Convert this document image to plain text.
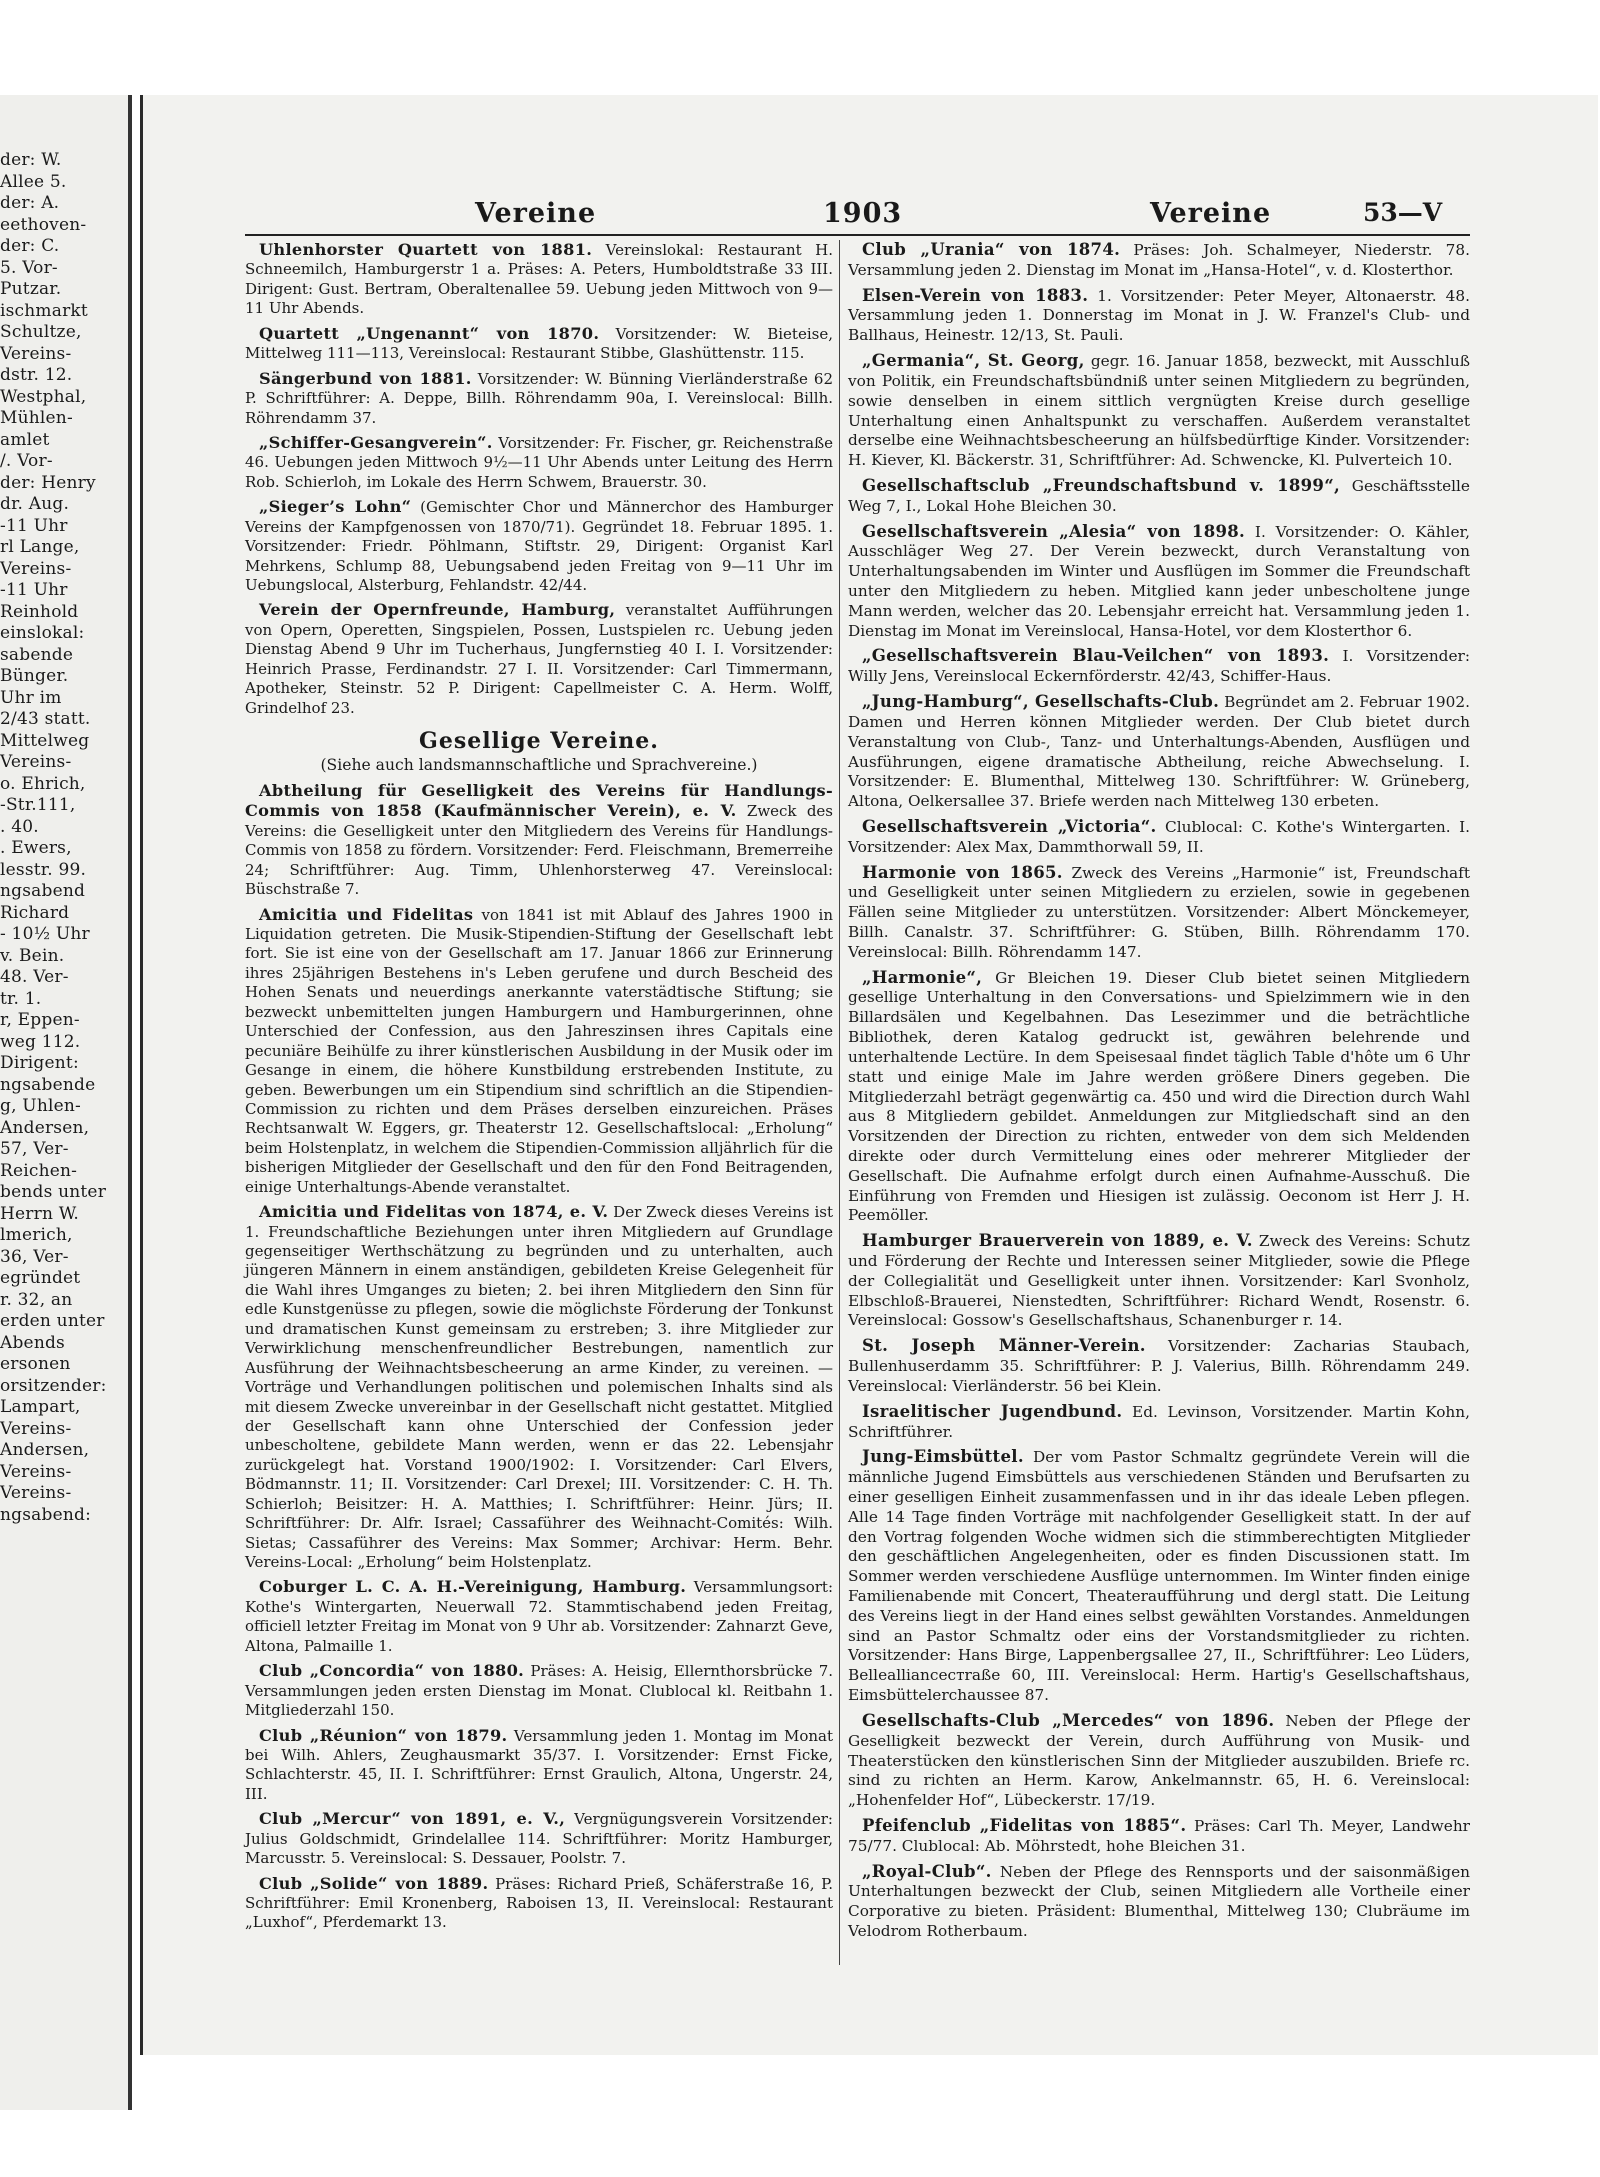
der: W.
Allee 5.
der: A.
eethoven-
der: C.
5. Vor-
Putzar.
ischmarkt
Schultze,
Vereins-
dstr. 12.
Westphal,
Mühlen-
amlet
/. Vor-
der: Henry
dr. Aug.
-11 Uhr
rl Lange,
Vereins-
-11 Uhr
Reinhold
einslokal:
sabende
Bünger.
Uhr im
2/43 statt.
Mittelweg
Vereins-
o. Ehrich,
-Str.111,
. 40.
. Ewers,
lesstr. 99.
ngsabend
Richard
- 10½ Uhr
v. Bein.
48. Ver-
tr. 1.
r, Eppen-
weg 112.
Dirigent:
ngsabende
g, Uhlen-
Andersen,
57, Ver-
Reichen-
bends unter
Herrn W.
lmerich,
36, Ver-
egründet
r. 32, an
erden unter
Abends
ersonen
orsitzender:
Lampart,
Vereins-
Andersen,
Vereins-
Vereins-
ngsabend:
Vereine	1903	Vereine	53—V

Uhlenhorster Quartett von 1881. Vereinslokal: Restaurant H. Schneemilch, Hamburgerstr 1 a. Präses: A. Peters, Humboldtstraße 33 III. Dirigent: Gust. Bertram, Oberaltenallee 59. Uebung jeden Mittwoch von 9—11 Uhr Abends.

Quartett „Ungenannt“ von 1870. Vorsitzender: W. Bieteise, Mittelweg 111—113, Vereinslocal: Restaurant Stibbe, Glashüttenstr. 115.

Sängerbund von 1881. Vorsitzender: W. Bünning Vierländerstraße 62 P. Schriftführer: A. Deppe, Billh. Röhrendamm 90a, I. Vereinslocal: Billh. Röhrendamm 37.

„Schiffer-Gesangverein“. Vorsitzender: Fr. Fischer, gr. Reichenstraße 46. Uebungen jeden Mittwoch 9½—11 Uhr Abends unter Leitung des Herrn Rob. Schierloh, im Lokale des Herrn Schwem, Brauerstr. 30.

„Sieger’s Lohn“ (Gemischter Chor und Männerchor des Hamburger Vereins der Kampfgenossen von 1870/71). Gegründet 18. Februar 1895. 1. Vorsitzender: Friedr. Pöhlmann, Stiftstr. 29, Dirigent: Organist Karl Mehrkens, Schlump 88, Uebungsabend jeden Freitag von 9—11 Uhr im Uebungslocal, Alsterburg, Fehlandstr. 42/44.

Verein der Opernfreunde, Hamburg, veranstaltet Aufführungen von Opern, Operetten, Singspielen, Possen, Lustspielen rc. Uebung jeden Dienstag Abend 9 Uhr im Tucherhaus, Jungfernstieg 40 I. I. Vorsitzender: Heinrich Prasse, Ferdinandstr. 27 I. II. Vorsitzender: Carl Timmermann, Apotheker, Steinstr. 52 P. Dirigent: Capellmeister C. A. Herm. Wolff, Grindelhof 23.

Gesellige Vereine.
(Siehe auch landsmannschaftliche und Sprachvereine.)

Abtheilung für Geselligkeit des Vereins für Handlungs-Commis von 1858 (Kaufmännischer Verein), e. V. Zweck des Vereins: die Geselligkeit unter den Mitgliedern des Vereins für Handlungs-Commis von 1858 zu fördern. Vorsitzender: Ferd. Fleischmann, Bremerreihe 24; Schriftführer: Aug. Timm, Uhlenhorsterweg 47. Vereinslocal: Büschstraße 7.

Amicitia und Fidelitas von 1841 ist mit Ablauf des Jahres 1900 in Liquidation getreten. Die Musik-Stipendien-Stiftung der Gesellschaft lebt fort. Sie ist eine von der Gesellschaft am 17. Januar 1866 zur Erinnerung ihres 25jährigen Bestehens in's Leben gerufene und durch Bescheid des Hohen Senats und neuerdings anerkannte vaterstädtische Stiftung; sie bezweckt unbemittelten jungen Hamburgern und Hamburgerinnen, ohne Unterschied der Confession, aus den Jahreszinsen ihres Capitals eine pecuniäre Beihülfe zu ihrer künstlerischen Ausbildung in der Musik oder im Gesange in einem, die höhere Kunstbildung erstrebenden Institute, zu geben. Bewerbungen um ein Stipendium sind schriftlich an die Stipendien-Commission zu richten und dem Präses derselben einzureichen. Präses Rechtsanwalt W. Eggers, gr. Theaterstr 12. Gesellschaftslocal: „Erholung“ beim Holstenplatz, in welchem die Stipendien-Commission alljährlich für die bisherigen Mitglieder der Gesellschaft und den für den Fond Beitragenden, einige Unterhaltungs-Abende veranstaltet.

Amicitia und Fidelitas von 1874, e. V. Der Zweck dieses Vereins ist 1. Freundschaftliche Beziehungen unter ihren Mitgliedern auf Grundlage gegenseitiger Werthschätzung zu begründen und zu unterhalten, auch jüngeren Männern in einem anständigen, gebildeten Kreise Gelegenheit für die Wahl ihres Umganges zu bieten; 2. bei ihren Mitgliedern den Sinn für edle Kunstgenüsse zu pflegen, sowie die möglichste Förderung der Tonkunst und dramatischen Kunst gemeinsam zu erstreben; 3. ihre Mitglieder zur Verwirklichung menschenfreundlicher Bestrebungen, namentlich zur Ausführung der Weihnachtsbescheerung an arme Kinder, zu vereinen. — Vorträge und Verhandlungen politischen und polemischen Inhalts sind als mit diesem Zwecke unvereinbar in der Gesellschaft nicht gestattet. Mitglied der Gesellschaft kann ohne Unterschied der Confession jeder unbescholtene, gebildete Mann werden, wenn er das 22. Lebensjahr zurückgelegt hat. Vorstand 1900/1902: I. Vorsitzender: Carl Elvers, Bödmannstr. 11; II. Vorsitzender: Carl Drexel; III. Vorsitzender: C. H. Th. Schierloh; Beisitzer: H. A. Matthies; I. Schriftführer: Heinr. Jürs; II. Schriftführer: Dr. Alfr. Israel; Cassaführer des Weihnacht-Comités: Wilh. Sietas; Cassaführer des Vereins: Max Sommer; Archivar: Herm. Behr. Vereins-Local: „Erholung“ beim Holstenplatz.

Coburger L. C. A. H.-Vereinigung, Hamburg. Versammlungsort: Kothe's Wintergarten, Neuerwall 72. Stammtischabend jeden Freitag, officiell letzter Freitag im Monat von 9 Uhr ab. Vorsitzender: Zahnarzt Geve, Altona, Palmaille 1.

Club „Concordia“ von 1880. Präses: A. Heisig, Ellernthorsbrücke 7. Versammlungen jeden ersten Dienstag im Monat. Clublocal kl. Reitbahn 1. Mitgliederzahl 150.

Club „Réunion“ von 1879. Versammlung jeden 1. Montag im Monat bei Wilh. Ahlers, Zeughausmarkt 35/37. I. Vorsitzender: Ernst Ficke, Schlachterstr. 45, II. I. Schriftführer: Ernst Graulich, Altona, Ungerstr. 24, III.

Club „Mercur“ von 1891, e. V., Vergnügungsverein Vorsitzender: Julius Goldschmidt, Grindelallee 114. Schriftführer: Moritz Hamburger, Marcusstr. 5. Vereinslocal: S. Dessauer, Poolstr. 7.

Club „Solide“ von 1889. Präses: Richard Prieß, Schäferstraße 16, P. Schriftführer: Emil Kronenberg, Raboisen 13, II. Vereinslocal: Restaurant „Luxhof“, Pferdemarkt 13.

Club „Urania“ von 1874. Präses: Joh. Schalmeyer, Niederstr. 78. Versammlung jeden 2. Dienstag im Monat im „Hansa-Hotel“, v. d. Klosterthor.

Elsen-Verein von 1883. 1. Vorsitzender: Peter Meyer, Altonaerstr. 48. Versammlung jeden 1. Donnerstag im Monat in J. W. Franzel's Club- und Ballhaus, Heinestr. 12/13, St. Pauli.

„Germania“, St. Georg, gegr. 16. Januar 1858, bezweckt, mit Ausschluß von Politik, ein Freundschaftsbündniß unter seinen Mitgliedern zu begründen, sowie denselben in einem sittlich vergnügten Kreise durch gesellige Unterhaltung einen Anhaltspunkt zu verschaffen. Außerdem veranstaltet derselbe eine Weihnachtsbescheerung an hülfsbedürftige Kinder. Vorsitzender: H. Kiever, Kl. Bäckerstr. 31, Schriftführer: Ad. Schwencke, Kl. Pulverteich 10.

Gesellschaftsclub „Freundschaftsbund v. 1899“, Geschäftsstelle Weg 7, I., Lokal Hohe Bleichen 30.

Gesellschaftsverein „Alesia“ von 1898. I. Vorsitzender: O. Kähler, Ausschläger Weg 27. Der Verein bezweckt, durch Veranstaltung von Unterhaltungsabenden im Winter und Ausflügen im Sommer die Freundschaft unter den Mitgliedern zu heben. Mitglied kann jeder unbescholtene junge Mann werden, welcher das 20. Lebensjahr erreicht hat. Versammlung jeden 1. Dienstag im Monat im Vereinslocal, Hansa-Hotel, vor dem Klosterthor 6.

„Gesellschaftsverein Blau-Veilchen“ von 1893. I. Vorsitzender: Willy Jens, Vereinslocal Eckernförderstr. 42/43, Schiffer-Haus.

„Jung-Hamburg“, Gesellschafts-Club. Begründet am 2. Februar 1902. Damen und Herren können Mitglieder werden. Der Club bietet durch Veranstaltung von Club-, Tanz- und Unterhaltungs-Abenden, Ausflügen und Ausführungen, eigene dramatische Abtheilung, reiche Abwechselung. I. Vorsitzender: E. Blumenthal, Mittelweg 130. Schriftführer: W. Grüneberg, Altona, Oelkersallee 37. Briefe werden nach Mittelweg 130 erbeten.

Gesellschaftsverein „Victoria“. Clublocal: C. Kothe's Wintergarten. I. Vorsitzender: Alex Max, Dammthorwall 59, II.

Harmonie von 1865. Zweck des Vereins „Harmonie“ ist, Freundschaft und Geselligkeit unter seinen Mitgliedern zu erzielen, sowie in gegebenen Fällen seine Mitglieder zu unterstützen. Vorsitzender: Albert Mönckemeyer, Billh. Canalstr. 37. Schriftführer: G. Stüben, Billh. Röhrendamm 170. Vereinslocal: Billh. Röhrendamm 147.

„Harmonie“, Gr Bleichen 19. Dieser Club bietet seinen Mitgliedern gesellige Unterhaltung in den Conversations- und Spielzimmern wie in den Billardsälen und Kegelbahnen. Das Lesezimmer und die beträchtliche Bibliothek, deren Katalog gedruckt ist, gewähren belehrende und unterhaltende Lectüre. In dem Speisesaal findet täglich Table d'hôte um 6 Uhr statt und einige Male im Jahre werden größere Diners gegeben. Die Mitgliederzahl beträgt gegenwärtig ca. 450 und wird die Direction durch Wahl aus 8 Mitgliedern gebildet. Anmeldungen zur Mitgliedschaft sind an den Vorsitzenden der Direction zu richten, entweder von dem sich Meldenden direkte oder durch Vermittelung eines oder mehrerer Mitglieder der Gesellschaft. Die Aufnahme erfolgt durch einen Aufnahme-Ausschuß. Die Einführung von Fremden und Hiesigen ist zulässig. Oeconom ist Herr J. H. Peemöller.

Hamburger Brauerverein von 1889, e. V. Zweck des Vereins: Schutz und Förderung der Rechte und Interessen seiner Mitglieder, sowie die Pflege der Collegialität und Geselligkeit unter ihnen. Vorsitzender: Karl Svonholz, Elbschloß-Brauerei, Nienstedten, Schriftführer: Richard Wendt, Rosenstr. 6. Vereinslocal: Gossow's Gesellschaftshaus, Schanenburger r. 14.

St. Joseph Männer-Verein. Vorsitzender: Zacharias Staubach, Bullenhuserdamm 35. Schriftführer: P. J. Valerius, Billh. Röhrendamm 249. Vereinslocal: Vierländerstr. 56 bei Klein.

Israelitischer Jugendbund. Ed. Levinson, Vorsitzender. Martin Kohn, Schriftführer.

Jung-Eimsbüttel. Der vom Pastor Schmaltz gegründete Verein will die männliche Jugend Eimsbüttels aus verschiedenen Ständen und Berufsarten zu einer geselligen Einheit zusammenfassen und in ihr das ideale Leben pflegen. Alle 14 Tage finden Vorträge mit nachfolgender Geselligkeit statt. In der auf den Vortrag folgenden Woche widmen sich die stimmberechtigten Mitglieder den geschäftlichen Angelegenheiten, oder es finden Discussionen statt. Im Sommer werden verschiedene Ausflüge unternommen. Im Winter finden einige Familienabende mit Concert, Theateraufführung und dergl statt. Die Leitung des Vereins liegt in der Hand eines selbst gewählten Vorstandes. Anmeldungen sind an Pastor Schmaltz oder eins der Vorstandsmitglieder zu richten. Vorsitzender: Hans Birge, Lappenbergsallee 27, II., Schriftführer: Leo Lüders, Belleallianceстraße 60, III. Vereinslocal: Herm. Hartig's Gesellschaftshaus, Eimsbüttelerchaussee 87.

Gesellschafts-Club „Mercedes“ von 1896. Neben der Pflege der Geselligkeit bezweckt der Verein, durch Aufführung von Musik- und Theaterstücken den künstlerischen Sinn der Mitglieder auszubilden. Briefe rc. sind zu richten an Herm. Karow, Ankelmannstr. 65, H. 6. Vereinslocal: „Hohenfelder Hof“, Lübeckerstr. 17/19.

Pfeifenclub „Fidelitas von 1885“. Präses: Carl Th. Meyer, Landwehr 75/77. Clublocal: Ab. Möhrstedt, hohe Bleichen 31.

„Royal-Club“. Neben der Pflege des Rennsports und der saisonmäßigen Unterhaltungen bezweckt der Club, seinen Mitgliedern alle Vortheile einer Corporative zu bieten. Präsident: Blumenthal, Mittelweg 130; Clubräume im Velodrom Rotherbaum.
